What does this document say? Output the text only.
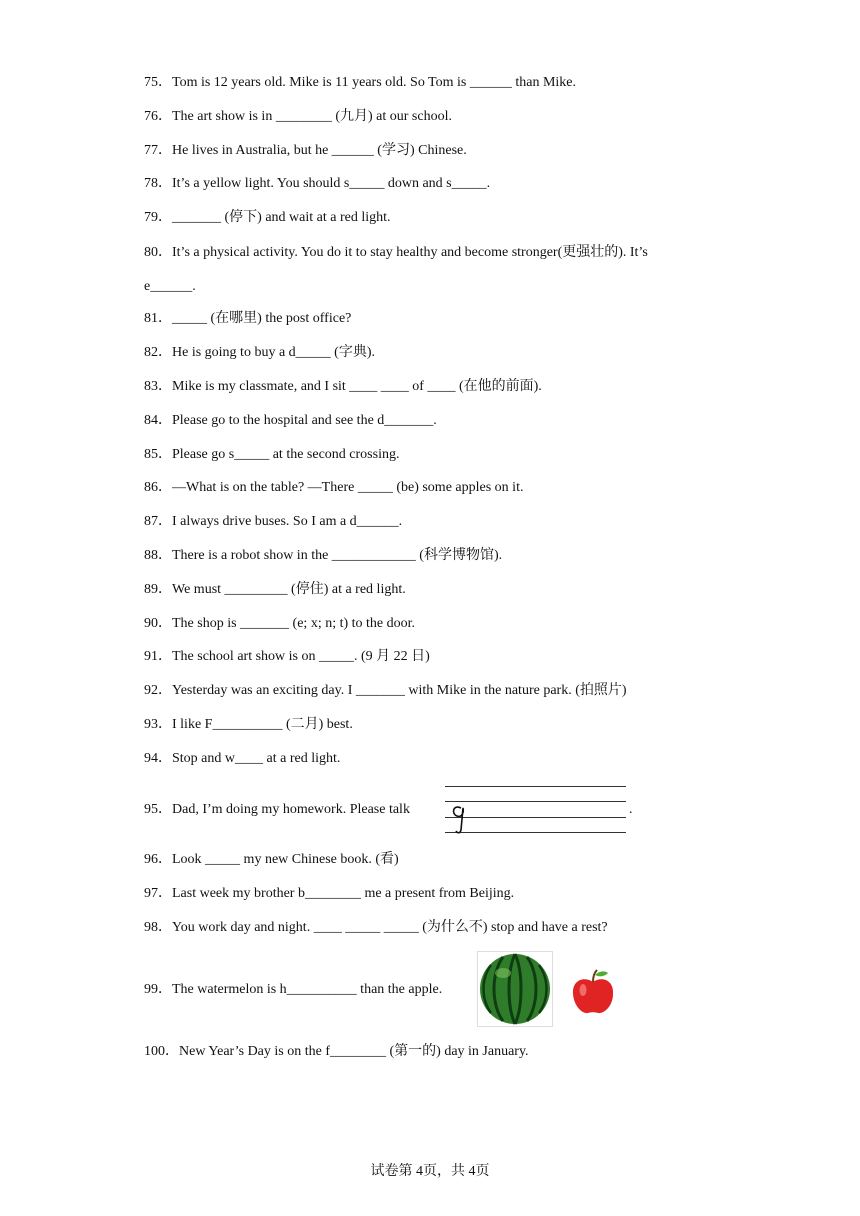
75．Tom is 12 years old. Mike is 11 years old. So Tom is ______ than Mike.
76．The art show is in ________ (九月) at our school.
77．He lives in Australia, but he ______ (学习) Chinese.
78．It’s a yellow light. You should s_____ down and s_____.
79．_______ (停下) and wait at a red light.
80．It’s a physical activity. You do it to stay healthy and become stronger(更强壮的). It’s e______.
81．_____ (在哪里) the post office?
82．He is going to buy a d_____ (字典).
83．Mike is my classmate, and I sit ____ ____ of ____ (在他的前面).
84．Please go to the hospital and see the d_______.
85．Please go s_____ at the second crossing.
86．—What is on the table? —There _____ (be) some apples on it.
87．I always drive buses. So I am a d______.
88．There is a robot show in the ____________ (科学博物馆).
89．We must _________ (停住) at a red light.
90．The shop is _______ (e; x; n; t) to the door.
91．The school art show is on _____. (9 月 22 日)
92．Yesterday was an exciting day. I _______ with Mike in the nature park. (拍照片)
93．I like F__________ (二月) best.
94．Stop and w____ at a red light.
95．Dad, I’m doing my homework. Please talk	.
96．Look _____ my new Chinese book. (看)
97．Last week my brother b________ me a present from Beijing.
98．You work day and night. ____ _____ _____ (为什么不) stop and have a rest?
99．The watermelon is h__________ than the apple.
100．New Year’s Day is on the f________ (第一的) day in January.
试卷第 4页，共 4页
